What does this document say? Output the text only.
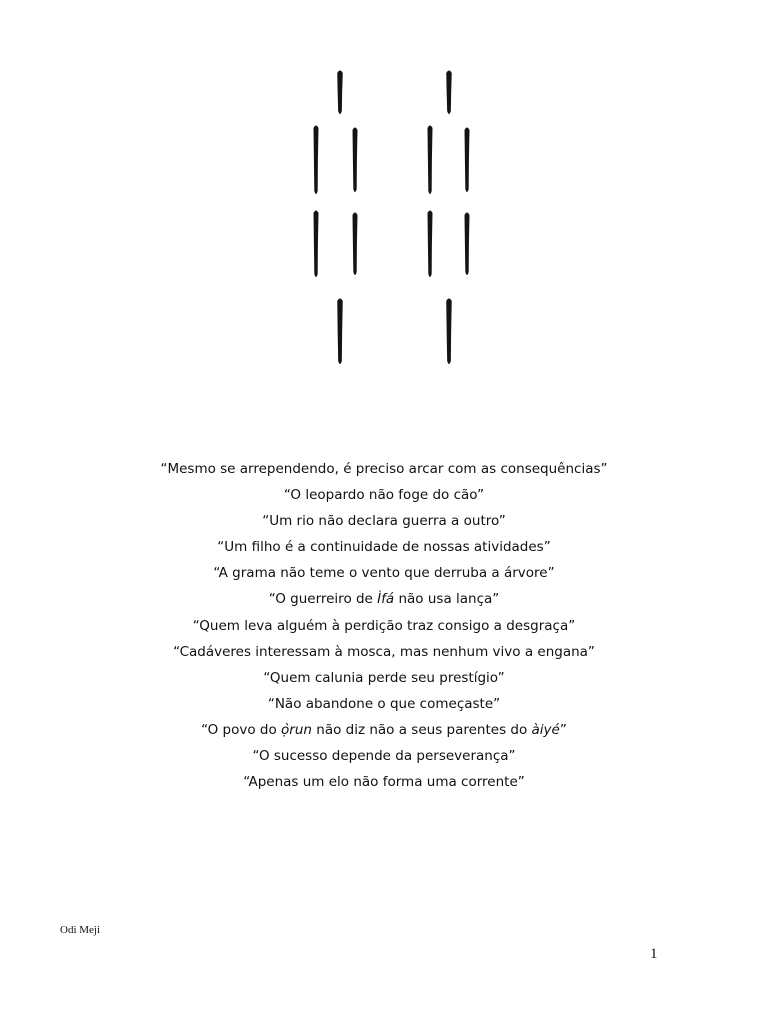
“Mesmo se arrependendo, é preciso arcar com as consequências”
“O leopardo não foge do cão”
“Um rio não declara guerra a outro”
“Um filho é a continuidade de nossas atividades”
“A grama não teme o vento que derruba a árvore”
“O guerreiro de Ìfá não usa lança”
“Quem leva alguém à perdição traz consigo a desgraça”
“Cadáveres interessam à mosca, mas nenhum vivo a engana”
“Quem calunia perde seu prestígio”
“Não abandone o que começaste”
“O povo do ọ̀run não diz não a seus parentes do àiyé”
“O sucesso depende da perseverança”
“Apenas um elo não forma uma corrente”
Odi Meji
1
